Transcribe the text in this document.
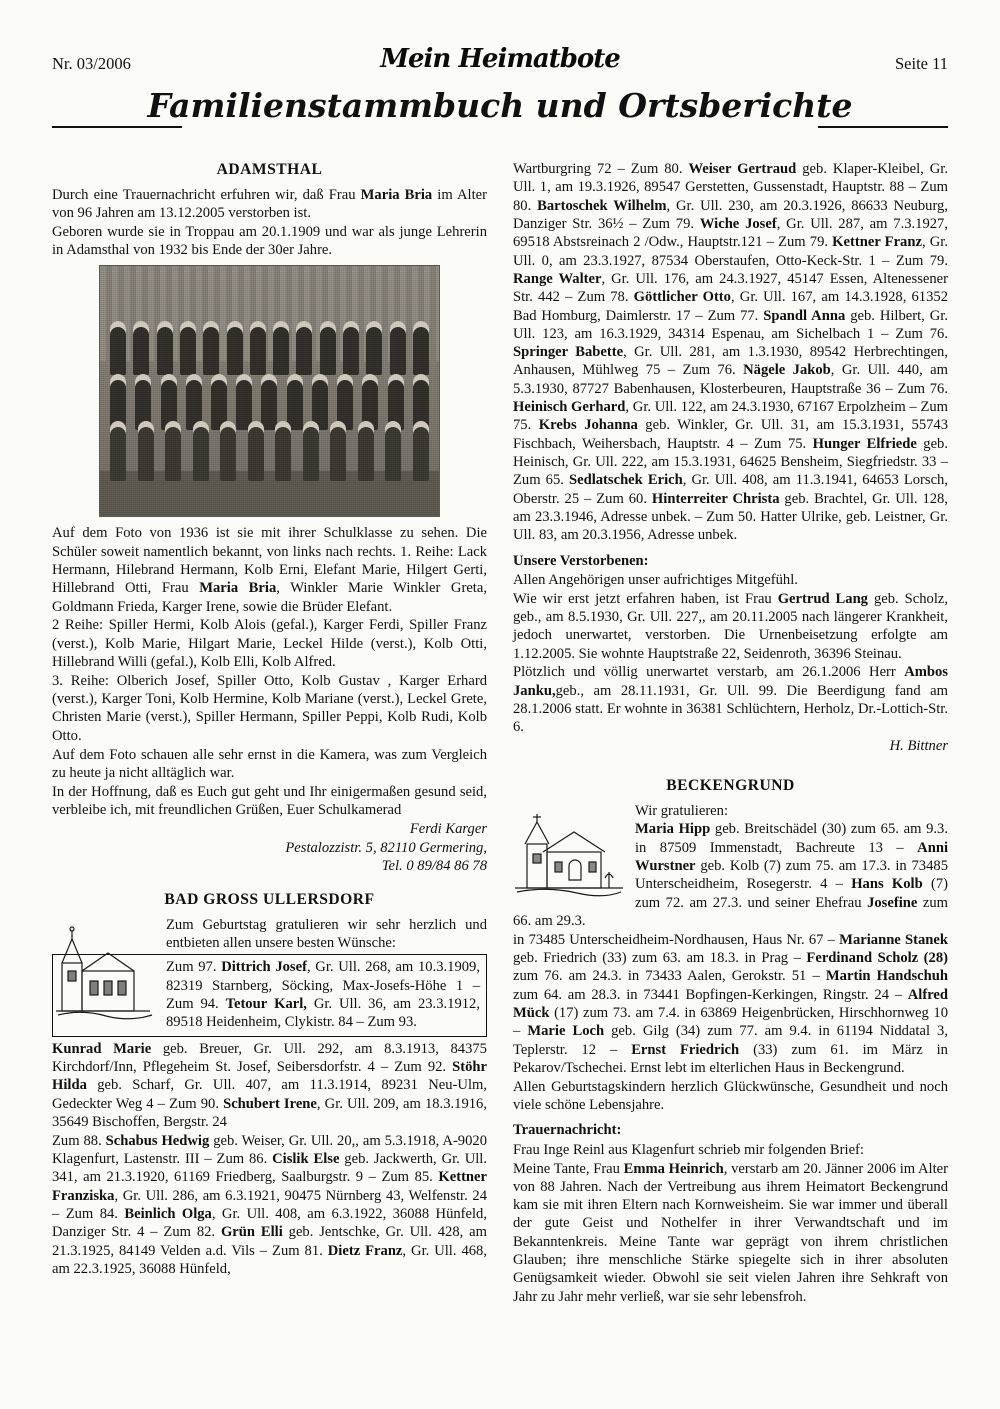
Nr. 03/2006	Mein Heimatbote	Seite 11
Familienstammbuch und Ortsberichte
ADAMSTHAL

Durch eine Trauernachricht erfuhren wir, daß Frau Maria Bria im Alter von 96 Jahren am 13.12.2005 verstorben ist.

Geboren wurde sie in Troppau am 20.1.1909 und war als junge Lehrerin in Adamsthal von 1932 bis Ende der 30er Jahre.

Auf dem Foto von 1936 ist sie mit ihrer Schulklasse zu sehen. Die Schüler soweit namentlich bekannt, von links nach rechts. 1. Reihe: Lack Hermann, Hilebrand Hermann, Kolb Erni, Elefant Marie, Hilgert Gerti, Hillebrand Otti, Frau Maria Bria, Winkler Marie Winkler Greta, Goldmann Frieda, Karger Irene, sowie die Brüder Elefant.

2 Reihe: Spiller Hermi, Kolb Alois (gefal.), Karger Ferdi, Spiller Franz (verst.), Kolb Marie, Hilgart Marie, Leckel Hilde (verst.), Kolb Otti, Hillebrand Willi (gefal.), Kolb Elli, Kolb Alfred.

3. Reihe: Olberich Josef, Spiller Otto, Kolb Gustav , Karger Erhard (verst.), Karger Toni, Kolb Hermine, Kolb Mariane (verst.), Leckel Grete, Christen Marie (verst.), Spiller Hermann, Spiller Peppi, Kolb Rudi, Kolb Otto.

Auf dem Foto schauen alle sehr ernst in die Kamera, was zum Vergleich zu heute ja nicht alltäglich war.

In der Hoffnung, daß es Euch gut geht und Ihr einigermaßen gesund seid, verbleibe ich, mit freundlichen Grüßen, Euer Schulkamerad

Ferdi Karger

Pestalozzistr. 5, 82110 Germering,

Tel. 0 89/84 86 78

BAD GROSS ULLERSDORF

Zum Geburtstag gratulieren wir sehr herzlich und entbieten allen unsere besten Wünsche:

Zum 97. Dittrich Josef, Gr. Ull. 268, am 10.3.1909, 82319 Starnberg, Söcking, Max-Josefs-Höhe 1 – Zum 94. Tetour Karl, Gr. Ull. 36, am 23.3.1912, 89518 Heidenheim, Clykistr. 84 – Zum 93.

Kunrad Marie geb. Breuer, Gr. Ull. 292, am 8.3.1913, 84375 Kirchdorf/Inn, Pflegeheim St. Josef, Seibersdorfstr. 4 – Zum 92. Stöhr Hilda geb. Scharf, Gr. Ull. 407, am 11.3.1914, 89231 Neu-Ulm, Gedeckter Weg 4 – Zum 90. Schubert Irene, Gr. Ull. 209, am 18.3.1916, 35649 Bischoffen, Bergstr. 24

Zum 88. Schabus Hedwig geb. Weiser, Gr. Ull. 20,, am 5.3.1918, A-9020 Klagenfurt, Lastenstr. III – Zum 86. Cislik Else geb. Jackwerth, Gr. Ull. 341, am 21.3.1920, 61169 Friedberg, Saalburgstr. 9 – Zum 85. Kettner Franziska, Gr. Ull. 286, am 6.3.1921, 90475 Nürnberg 43, Welfenstr. 24 – Zum 84. Beinlich Olga, Gr. Ull. 408, am 6.3.1922, 36088 Hünfeld, Danziger Str. 4 – Zum 82. Grün Elli geb. Jentschke, Gr. Ull. 428, am 21.3.1925, 84149 Velden a.d. Vils – Zum 81. Dietz Franz, Gr. Ull. 468, am 22.3.1925, 36088 Hünfeld,

Wartburgring 72 – Zum 80. Weiser Gertraud geb. Klaper-Kleibel, Gr. Ull. 1, am 19.3.1926, 89547 Gerstetten, Gussenstadt, Hauptstr. 88 – Zum 80. Bartoschek Wilhelm, Gr. Ull. 230, am 20.3.1926, 86633 Neuburg, Danziger Str. 36½ – Zum 79. Wiche Josef, Gr. Ull. 287, am 7.3.1927, 69518 Abstsreinach 2 /Odw., Hauptstr.121 – Zum 79. Kettner Franz, Gr. Ull. 0, am 23.3.1927, 87534 Oberstaufen, Otto-Keck-Str. 1 – Zum 79. Range Walter, Gr. Ull. 176, am 24.3.1927, 45147 Essen, Altenessener Str. 442 – Zum 78. Göttlicher Otto, Gr. Ull. 167, am 14.3.1928, 61352 Bad Homburg, Daimlerstr. 17 – Zum 77. Spandl Anna geb. Hilbert, Gr. Ull. 123, am 16.3.1929, 34314 Espenau, am Sichelbach 1 – Zum 76. Springer Babette, Gr. Ull. 281, am 1.3.1930, 89542 Herbrechtingen, Anhausen, Mühlweg 75 – Zum 76. Nägele Jakob, Gr. Ull. 440, am 5.3.1930, 87727 Babenhausen, Klosterbeuren, Hauptstraße 36 – Zum 76. Heinisch Gerhard, Gr. Ull. 122, am 24.3.1930, 67167 Erpolzheim – Zum 75. Krebs Johanna geb. Winkler, Gr. Ull. 31, am 15.3.1931, 55743 Fischbach, Weihersbach, Hauptstr. 4 – Zum 75. Hunger Elfriede geb. Heinisch, Gr. Ull. 222, am 15.3.1931, 64625 Bensheim, Siegfriedstr. 33 – Zum 65. Sedlatschek Erich, Gr. Ull. 408, am 11.3.1941, 64653 Lorsch, Oberstr. 25 – Zum 60. Hinterreiter Christa geb. Brachtel, Gr. Ull. 128, am 23.3.1946, Adresse unbek. – Zum 50. Hatter Ulrike, geb. Leistner, Gr. Ull. 83, am 20.3.1956, Adresse unbek.

Unsere Verstorbenen:

Allen Angehörigen unser aufrichtiges Mitgefühl.

Wie wir erst jetzt erfahren haben, ist Frau Gertrud Lang geb. Scholz, geb., am 8.5.1930, Gr. Ull. 227,, am 20.11.2005 nach längerer Krankheit, jedoch unerwartet, verstorben. Die Urnenbeisetzung erfolgte am 1.12.2005. Sie wohnte Hauptstraße 22, Seidenroth, 36396 Steinau.

Plötzlich und völlig unerwartet verstarb, am 26.1.2006 Herr Ambos Janku,geb., am 28.11.1931, Gr. Ull. 99. Die Beerdigung fand am 28.1.2006 statt. Er wohnte in 36381 Schlüchtern, Herholz, Dr.-Lottich-Str. 6.

H. Bittner

BECKENGRUND

Wir gratulieren:

Maria Hipp geb. Breitschädel (30) zum 65. am 9.3. in 87509 Immenstadt, Bachreute 13 – Anni Wurstner geb. Kolb (7) zum 75. am 17.3. in 73485 Unterscheidheim, Rosegerstr. 4 – Hans Kolb (7) zum 72. am 27.3. und seiner Ehefrau Josefine zum 66. am 29.3.

in 73485 Unterscheidheim-Nordhausen, Haus Nr. 67 – Marianne Stanek geb. Friedrich (33) zum 63. am 18.3. in Prag – Ferdinand Scholz (28) zum 76. am 24.3. in 73433 Aalen, Gerokstr. 51 – Martin Handschuh zum 64. am 28.3. in 73441 Bopfingen-Kerkingen, Ringstr. 24 – Alfred Mück (17) zum 73. am 7.4. in 63869 Heigenbrücken, Hirschhornweg 10 – Marie Loch geb. Gilg (34) zum 77. am 9.4. in 61194 Niddatal 3, Teplerstr. 12 – Ernst Friedrich (33) zum 61. im März in Pekarov/Tschechei. Ernst lebt im elterlichen Haus in Beckengrund.

Allen Geburtstagskindern herzlich Glückwünsche, Gesundheit und noch viele schöne Lebensjahre.

Trauernachricht:

Frau Inge Reinl aus Klagenfurt schrieb mir folgenden Brief:

Meine Tante, Frau Emma Heinrich, verstarb am 20. Jänner 2006 im Alter von 88 Jahren. Nach der Vertreibung aus ihrem Heimatort Beckengrund kam sie mit ihren Eltern nach Kornweisheim. Sie war immer und überall der gute Geist und Nothelfer in ihrer Verwandtschaft und im Bekanntenkreis. Meine Tante war geprägt von ihrem christlichen Glauben; ihre menschliche Stärke spiegelte sich in ihrer absoluten Genügsamkeit wieder. Obwohl sie seit vielen Jahren ihre Sehkraft von Jahr zu Jahr mehr verließ, war sie sehr lebensfroh.
